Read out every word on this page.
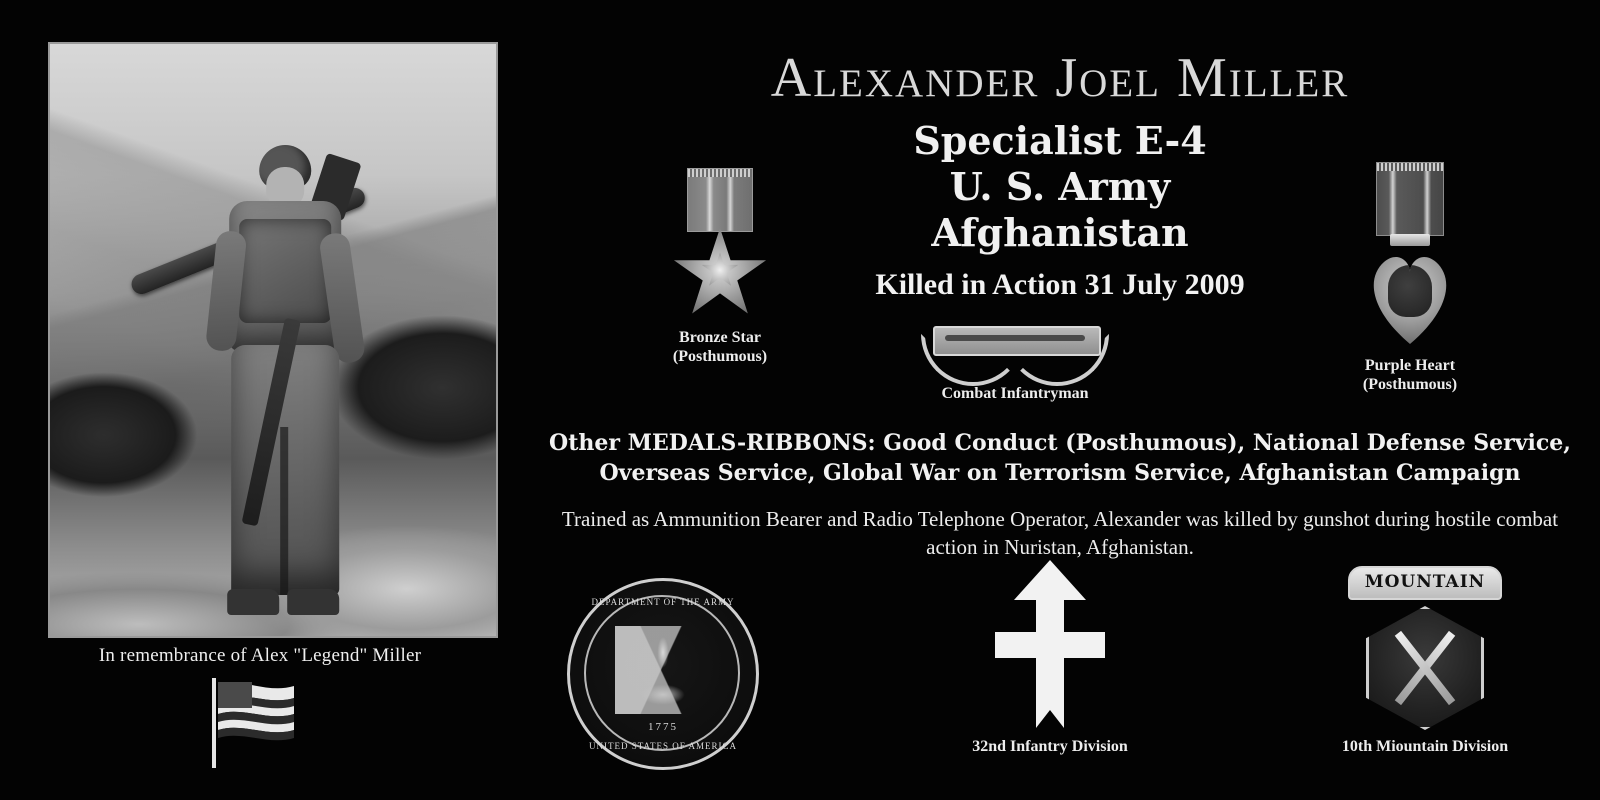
In remembrance of Alex "Legend" Miller
Alexander Joel Miller
Specialist E-4
U. S. Army
Afghanistan
Killed in Action 31 July 2009
Bronze Star
(Posthumous)
Combat Infantryman
Purple Heart
(Posthumous)
Other MEDALS-RIBBONS: Good Conduct (Posthumous), National Defense Service, Overseas Service, Global War on Terrorism Service, Afghanistan Campaign
Trained as Ammunition Bearer and Radio Telephone Operator, Alexander was killed by gunshot during hostile combat action in Nuristan, Afghanistan.
DEPARTMENT OF THE ARMY
1775
UNITED STATES OF AMERICA	32nd Infantry Division
MOUNTAIN
10th Miountain Division
